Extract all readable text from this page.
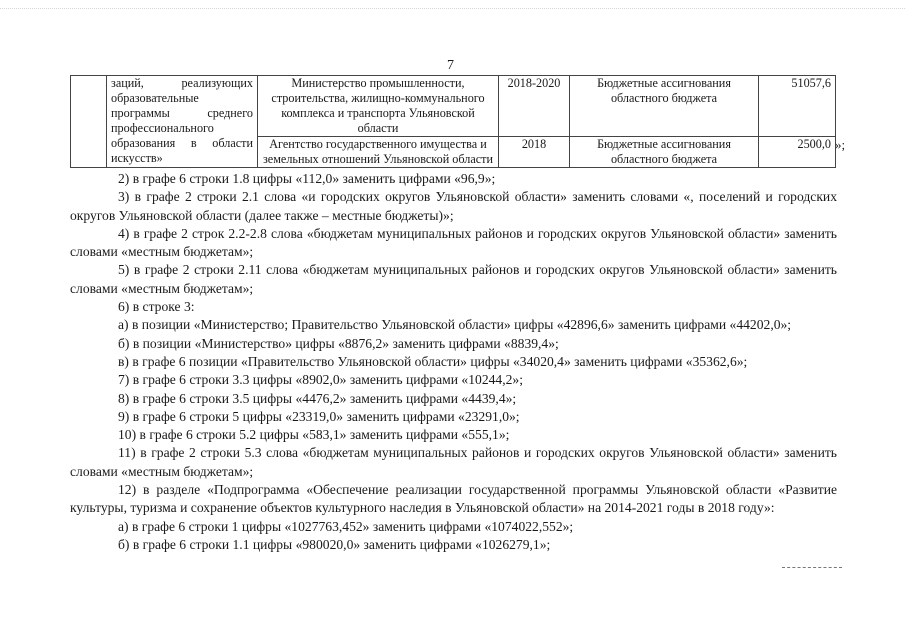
7
	заций, реализующих образовательные программы среднего профессионального образования в области искусств»	Министерство промышленности, строительства, жилищно-коммунального комплекса и транспорта Ульяновской области	2018-2020	Бюджетные ассигнования областного бюджета	51057,6
		Агентство государственного имущества и земельных отношений Ульяновской области	2018	Бюджетные ассигнования областного бюджета	2500,0 »;

2) в графе 6 строки 1.8 цифры «112,0» заменить цифрами «96,9»;

3) в графе 2 строки 2.1 слова «и городских округов Ульяновской области» заменить словами «, поселений и городских округов Ульяновской области (далее также – местные бюджеты)»;

4) в графе 2 строк 2.2-2.8 слова «бюджетам муниципальных районов и городских округов Ульяновской области» заменить словами «местным бюджетам»;

5) в графе 2 строки 2.11 слова «бюджетам муниципальных районов и городских округов Ульяновской области» заменить словами «местным бюджетам»;

6) в строке 3:

а) в позиции «Министерство; Правительство Ульяновской области» цифры «42896,6» заменить цифрами «44202,0»;

б) в позиции «Министерство» цифры «8876,2» заменить цифрами «8839,4»;

в) в графе 6 позиции «Правительство Ульяновской области» цифры «34020,4» заменить цифрами «35362,6»;

7) в графе 6 строки 3.3 цифры «8902,0» заменить цифрами «10244,2»;

8) в графе 6 строки 3.5 цифры «4476,2» заменить цифрами «4439,4»;

9) в графе 6 строки 5 цифры «23319,0» заменить цифрами «23291,0»;

10) в графе 6 строки 5.2 цифры «583,1» заменить цифрами «555,1»;

11) в графе 2 строки 5.3 слова «бюджетам муниципальных районов и городских округов Ульяновской области» заменить словами «местным бюджетам»;

12) в разделе «Подпрограмма «Обеспечение реализации государственной программы Ульяновской области «Развитие культуры, туризма и сохранение объектов культурного наследия в Ульяновской области» на 2014-2021 годы в 2018 году»:

а) в графе 6 строки 1 цифры «1027763,452» заменить цифрами «1074022,552»;

б) в графе 6 строки 1.1 цифры «980020,0» заменить цифрами «1026279,1»;
